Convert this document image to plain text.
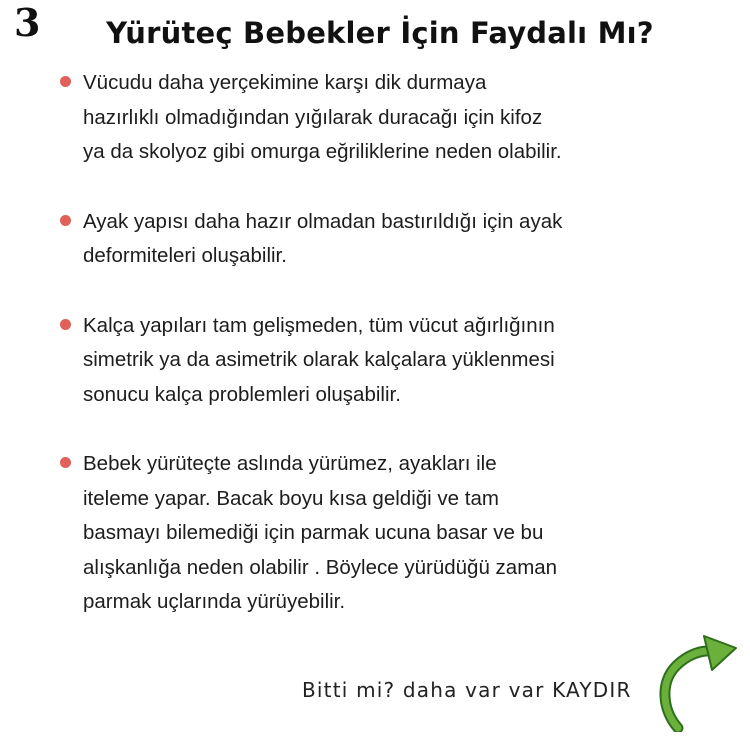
3 Yürüteç Bebekler İçin Faydalı Mı?
Vücudu daha yerçekimine karşı dik durmaya
hazırlıklı olmadığından yığılarak duracağı için kifoz
ya da skolyoz gibi omurga eğriliklerine neden olabilir.
Ayak yapısı daha hazır olmadan bastırıldığı için ayak
deformiteleri oluşabilir.
Kalça yapıları tam gelişmeden, tüm vücut ağırlığının
simetrik ya da asimetrik olarak kalçalara yüklenmesi
sonucu kalça problemleri oluşabilir.
Bebek yürüteçte aslında yürümez, ayakları ile
iteleme yapar. Bacak boyu kısa geldiği ve tam
basmayı bilemediği için parmak ucuna basar ve bu
alışkanlığa neden olabilir . Böylece yürüdüğü zaman
parmak uçlarında yürüyebilir.
Bitti mi? daha var var KAYDIR
